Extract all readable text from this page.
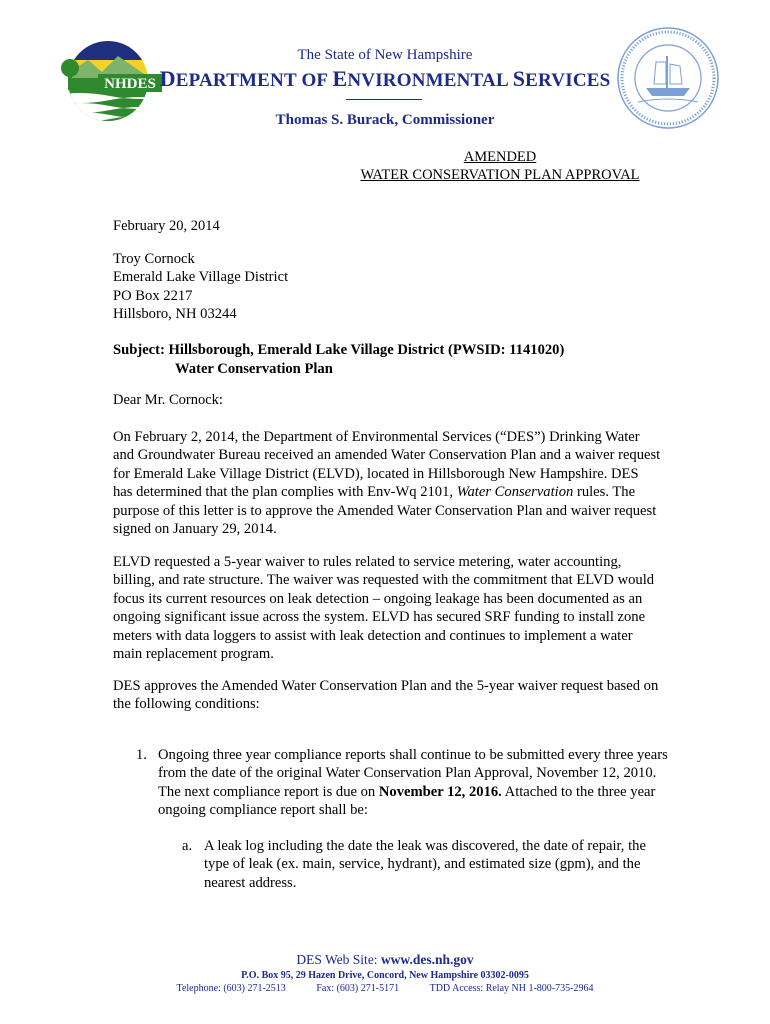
NHDES
The State of New Hampshire
DEPARTMENT OF ENVIRONMENTAL SERVICES
Thomas S. Burack, Commissioner
AMENDED
WATER CONSERVATION PLAN APPROVAL
February 20, 2014
Troy Cornock
Emerald Lake Village District
PO Box 2217
Hillsboro, NH 03244
Subject: Hillsborough, Emerald Lake Village District (PWSID: 1141020)
Water Conservation Plan
Dear Mr. Cornock:
On February 2, 2014, the Department of Environmental Services (“DES”) Drinking Water and Groundwater Bureau received an amended Water Conservation Plan and a waiver request for Emerald Lake Village District (ELVD), located in Hillsborough New Hampshire. DES has determined that the plan complies with Env-Wq 2101, Water Conservation rules. The purpose of this letter is to approve the Amended Water Conservation Plan and waiver request signed on January 29, 2014.
ELVD requested a 5-year waiver to rules related to service metering, water accounting, billing, and rate structure. The waiver was requested with the commitment that ELVD would focus its current resources on leak detection – ongoing leakage has been documented as an ongoing significant issue across the system. ELVD has secured SRF funding to install zone meters with data loggers to assist with leak detection and continues to implement a water main replacement program.
DES approves the Amended Water Conservation Plan and the 5-year waiver request based on the following conditions:
1. Ongoing three year compliance reports shall continue to be submitted every three years from the date of the original Water Conservation Plan Approval, November 12, 2010. The next compliance report is due on November 12, 2016. Attached to the three year ongoing compliance report shall be:
a. A leak log including the date the leak was discovered, the date of repair, the type of leak (ex. main, service, hydrant), and estimated size (gpm), and the nearest address.
DES Web Site: www.des.nh.gov
P.O. Box 95, 29 Hazen Drive, Concord, New Hampshire 03302-0095
Telephone: (603) 271-2513	Fax: (603) 271-5171	TDD Access: Relay NH 1-800-735-2964
